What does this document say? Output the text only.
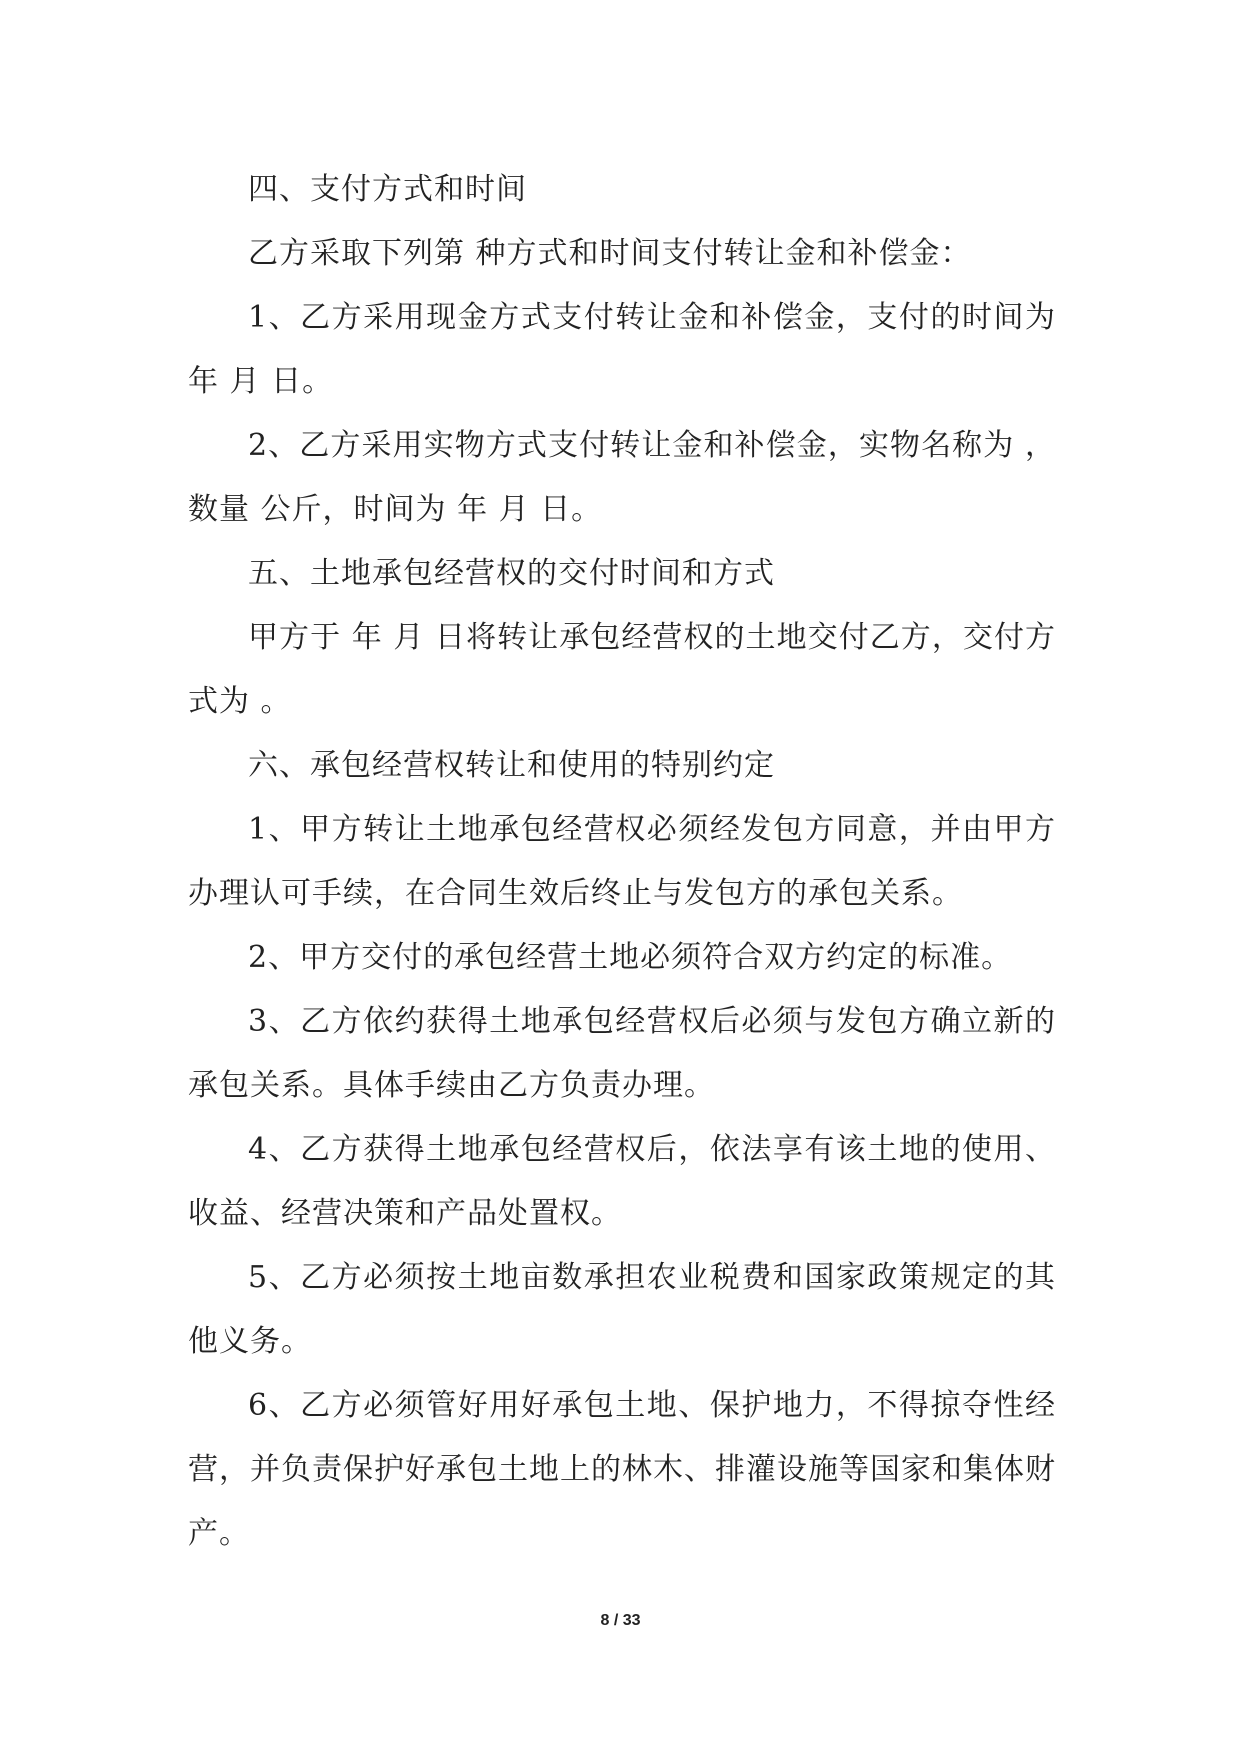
四、支付方式和时间

乙方采取下列第 种方式和时间支付转让金和补偿金：

1、乙方采用现金方式支付转让金和补偿金，支付的时间为 年 月 日。

2、乙方采用实物方式支付转让金和补偿金，实物名称为 ，数量 公斤，时间为 年 月 日。

五、土地承包经营权的交付时间和方式

甲方于 年 月 日将转让承包经营权的土地交付乙方，交付方式为 。

六、承包经营权转让和使用的特别约定

1、甲方转让土地承包经营权必须经发包方同意，并由甲方办理认可手续，在合同生效后终止与发包方的承包关系。

2、甲方交付的承包经营土地必须符合双方约定的标准。

3、乙方依约获得土地承包经营权后必须与发包方确立新的承包关系。具体手续由乙方负责办理。

4、乙方获得土地承包经营权后，依法享有该土地的使用、收益、经营决策和产品处置权。

5、乙方必须按土地亩数承担农业税费和国家政策规定的其他义务。

6、乙方必须管好用好承包土地、保护地力，不得掠夺性经营，并负责保护好承包土地上的林木、排灌设施等国家和集体财产。

8 / 33
